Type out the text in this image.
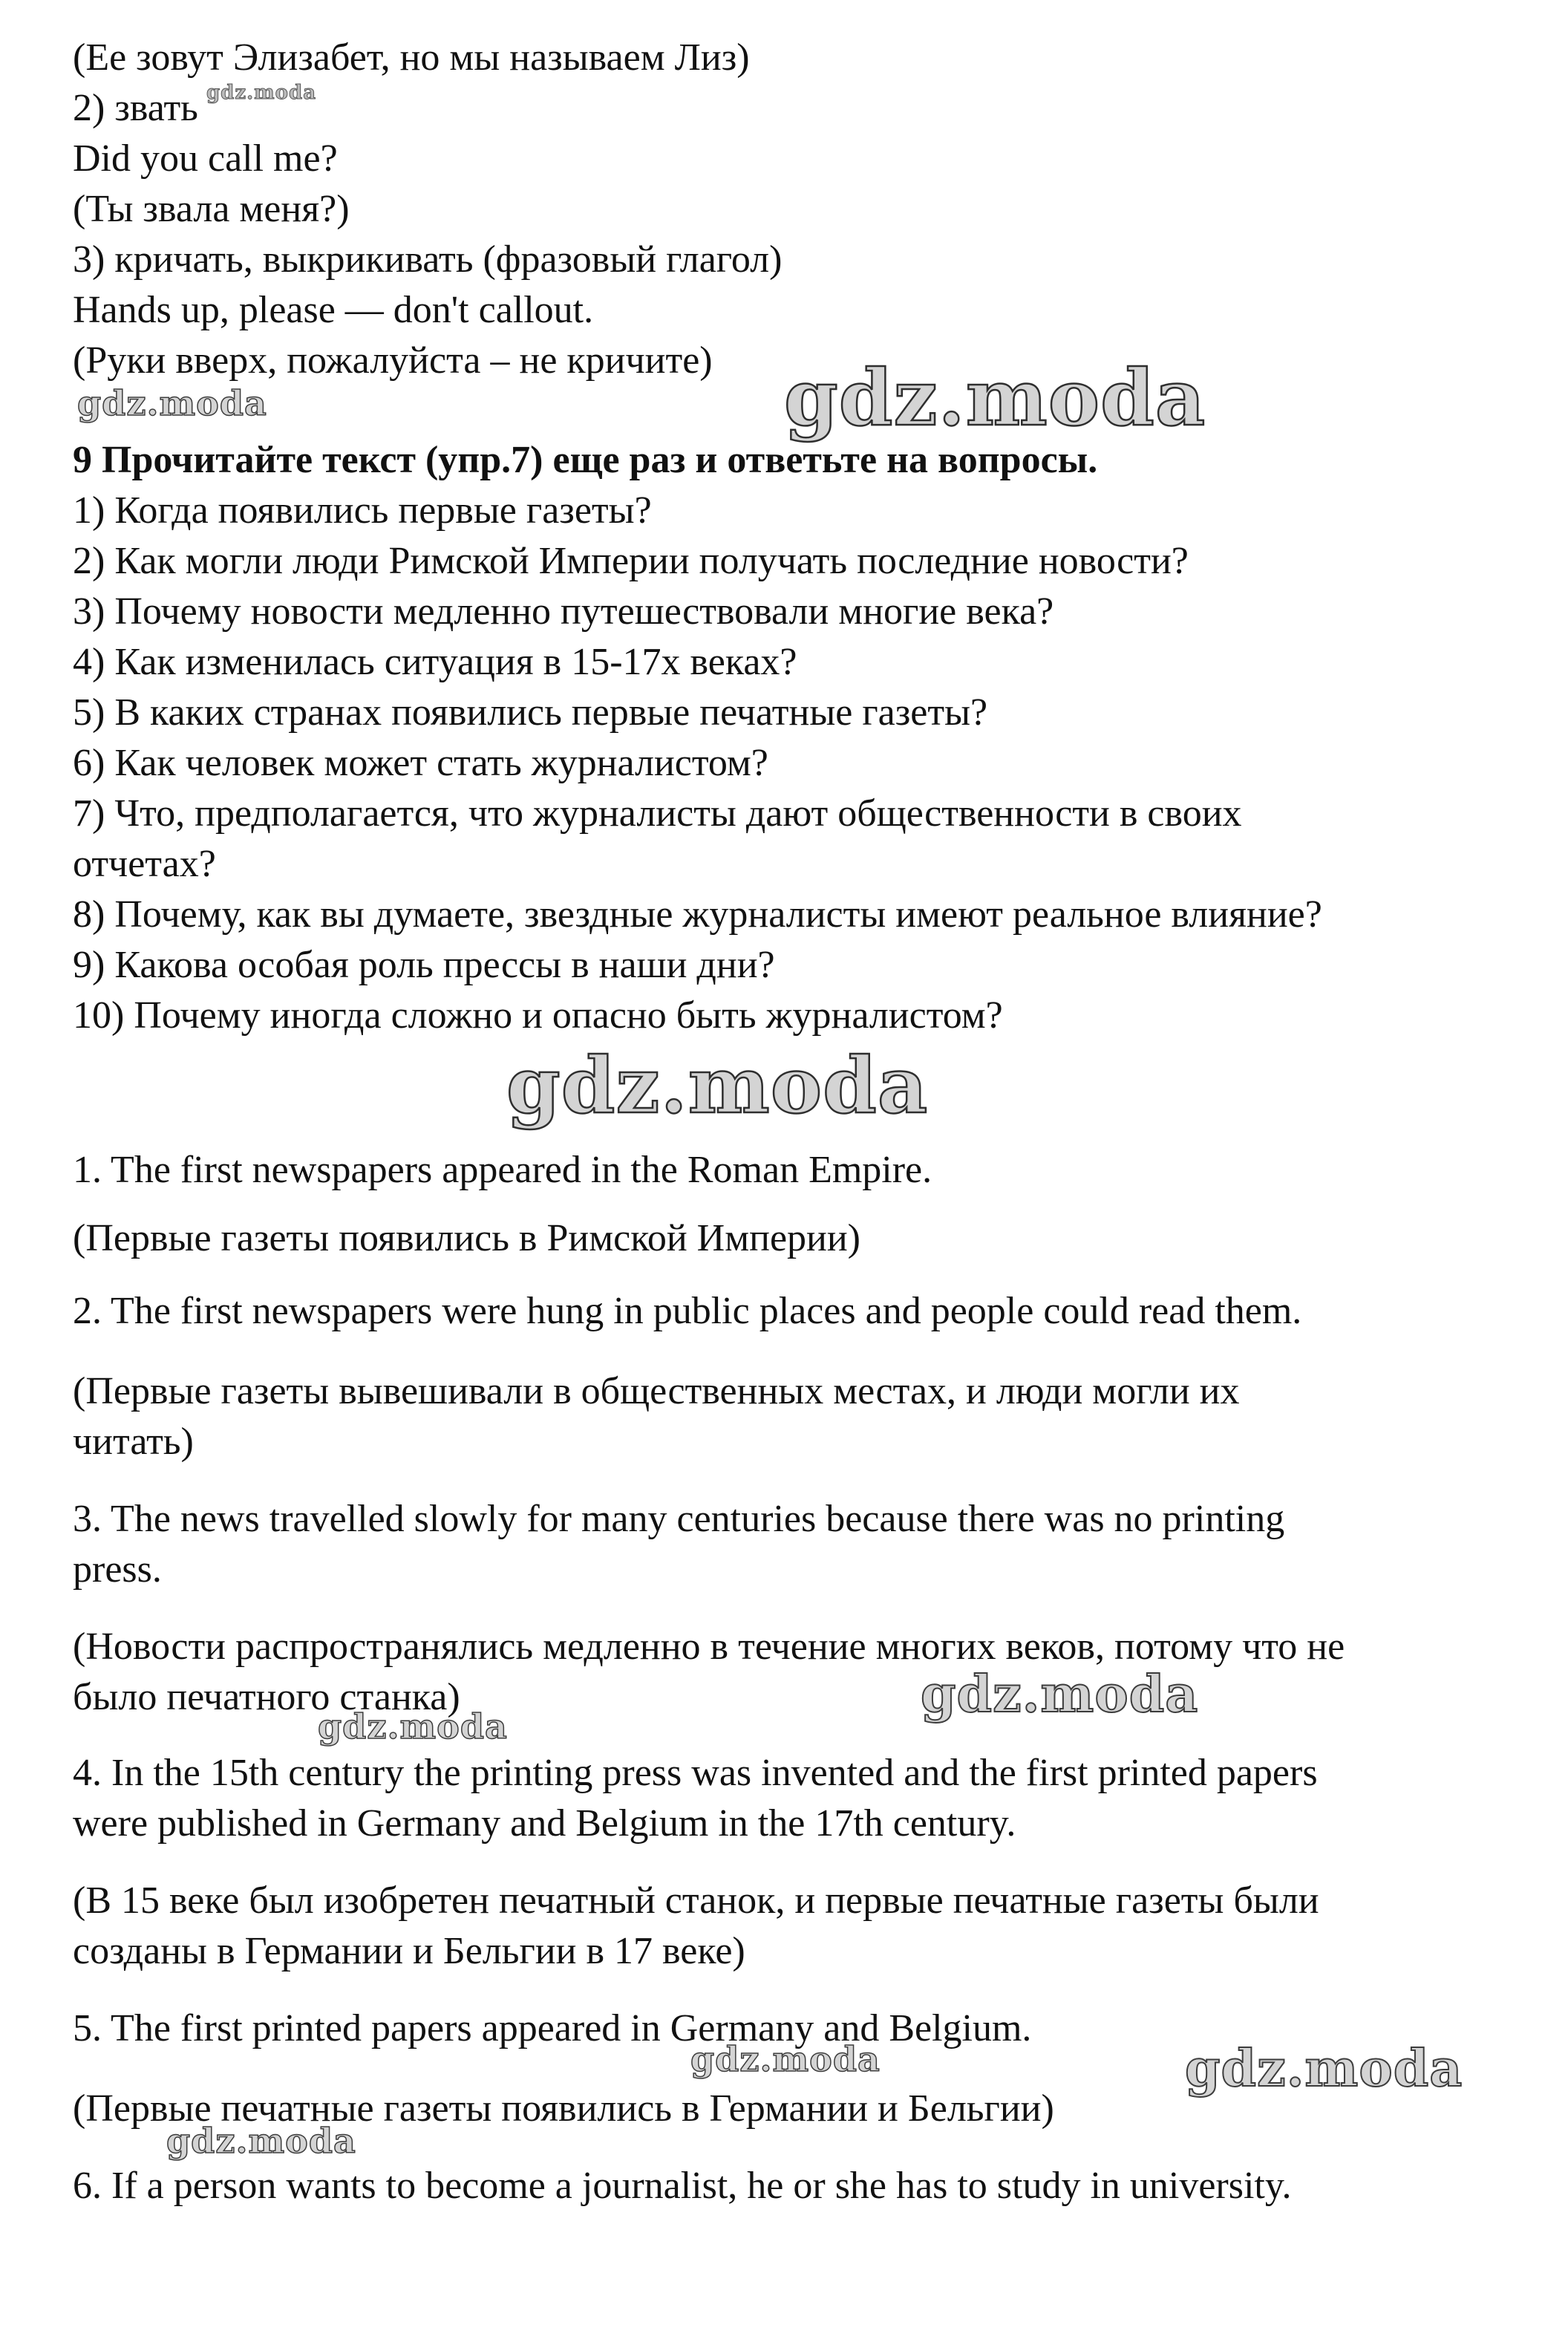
(Ее зовут Элизабет, но мы называем Лиз)

2) звать

Did you call me?

(Ты звала меня?)

3) кричать, выкрикивать (фразовый глагол)

Hands up, please — don't callout.

(Руки вверх, пожалуйста – не кричите)

9 Прочитайте текст (упр.7) еще раз и ответьте на вопросы.

1) Когда появились первые газеты?

2) Как могли люди Римской Империи получать последние новости?

3) Почему новости медленно путешествовали многие века?

4) Как изменилась ситуация в 15-17х веках?

5) В каких странах появились первые печатные газеты?

6) Как человек может стать журналистом?

7) Что, предполагается, что журналисты дают общественности в своих

отчетах?

8) Почему, как вы думаете, звездные журналисты имеют реальное влияние?

9) Какова особая роль прессы в наши дни?

10) Почему иногда сложно и опасно быть журналистом?

1. The first newspapers appeared in the Roman Empire.

(Первые газеты появились в Римской Империи)

2. The first newspapers were hung in public places and people could read them.

(Первые газеты вывешивали в общественных местах, и люди могли их

читать)

3. The news travelled slowly for many centuries because there was no printing

press.

(Новости распространялись медленно в течение многих веков, потому что не

было печатного станка)

4. In the 15th century the printing press was invented and the first printed papers

were published in Germany and Belgium in the 17th century.

(В 15 веке был изобретен печатный станок, и первые печатные газеты были

созданы в Германии и Бельгии в 17 веке)

5. The first printed papers appeared in Germany and Belgium.

(Первые печатные газеты появились в Германии и Бельгии)

6. If a person wants to become a journalist, he or she has to study in university.

gdz.moda
gdz.moda	gdz.moda
gdz.moda
gdz.moda
gdz.moda
gdz.moda	gdz.moda
gdz.moda
